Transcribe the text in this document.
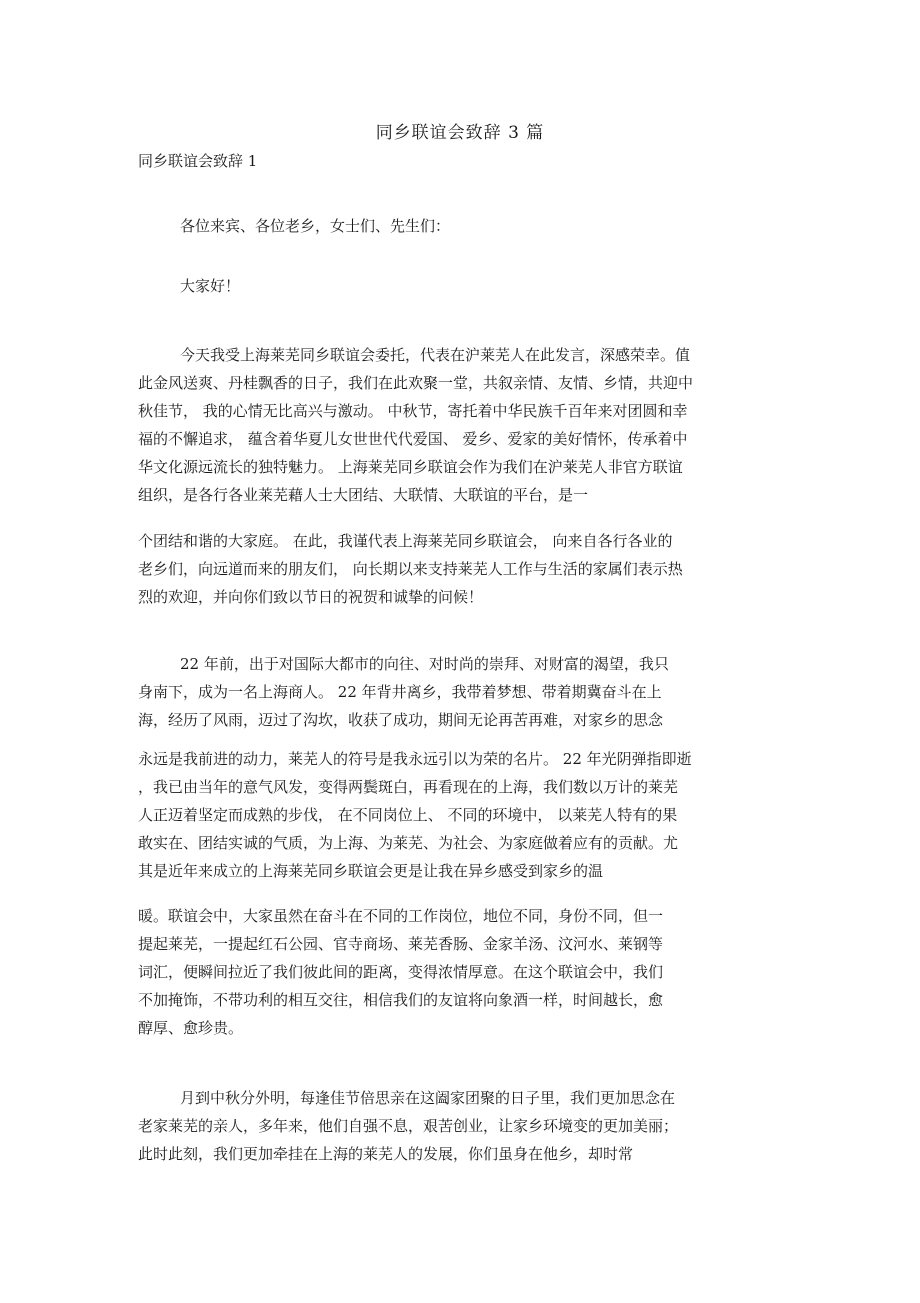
同乡联谊会致辞 3 篇
同乡联谊会致辞 1
各位来宾、各位老乡，女士们、先生们：
大家好！
今天我受上海莱芜同乡联谊会委托，代表在沪莱芜人在此发言，深感荣幸。值
此金风送爽、丹桂飘香的日子，我们在此欢聚一堂，共叙亲情、友情、乡情，共迎中
秋佳节， 我的心情无比高兴与激动。 中秋节，寄托着中华民族千百年来对团圆和幸
福的不懈追求， 蕴含着华夏儿女世世代代爱国、 爱乡、爱家的美好情怀，传承着中
华文化源远流长的独特魅力。 上海莱芜同乡联谊会作为我们在沪莱芜人非官方联谊
组织，是各行各业莱芜藉人士大团结、大联情、大联谊的平台，是一
个团结和谐的大家庭。 在此，我谨代表上海莱芜同乡联谊会， 向来自各行各业的
老乡们，向远道而来的朋友们， 向长期以来支持莱芜人工作与生活的家属们表示热
烈的欢迎，并向你们致以节日的祝贺和诚挚的问候！
22 年前，出于对国际大都市的向往、对时尚的崇拜、对财富的渴望，我只
身南下，成为一名上海商人。 22 年背井离乡，我带着梦想、带着期冀奋斗在上
海，经历了风雨，迈过了沟坎，收获了成功，期间无论再苦再难，对家乡的思念
永远是我前进的动力，莱芜人的符号是我永远引以为荣的名片。 22 年光阴弹指即逝
，我已由当年的意气风发，变得两鬓斑白，再看现在的上海，我们数以万计的莱芜
人正迈着坚定而成熟的步伐， 在不同岗位上、 不同的环境中， 以莱芜人特有的果
敢实在、团结实诚的气质，为上海、为莱芜、为社会、为家庭做着应有的贡献。尤
其是近年来成立的上海莱芜同乡联谊会更是让我在异乡感受到家乡的温
暖。联谊会中，大家虽然在奋斗在不同的工作岗位，地位不同，身份不同，但一
提起莱芜，一提起红石公园、官寺商场、莱芜香肠、金家羊汤、汶河水、莱钢等
词汇，便瞬间拉近了我们彼此间的距离，变得浓情厚意。在这个联谊会中，我们
不加掩饰，不带功利的相互交往，相信我们的友谊将向象酒一样，时间越长，愈
醇厚、愈珍贵。
月到中秋分外明，每逢佳节倍思亲在这阖家团聚的日子里，我们更加思念在
老家莱芜的亲人，多年来，他们自强不息，艰苦创业，让家乡环境变的更加美丽；
此时此刻，我们更加牵挂在上海的莱芜人的发展，你们虽身在他乡，却时常
